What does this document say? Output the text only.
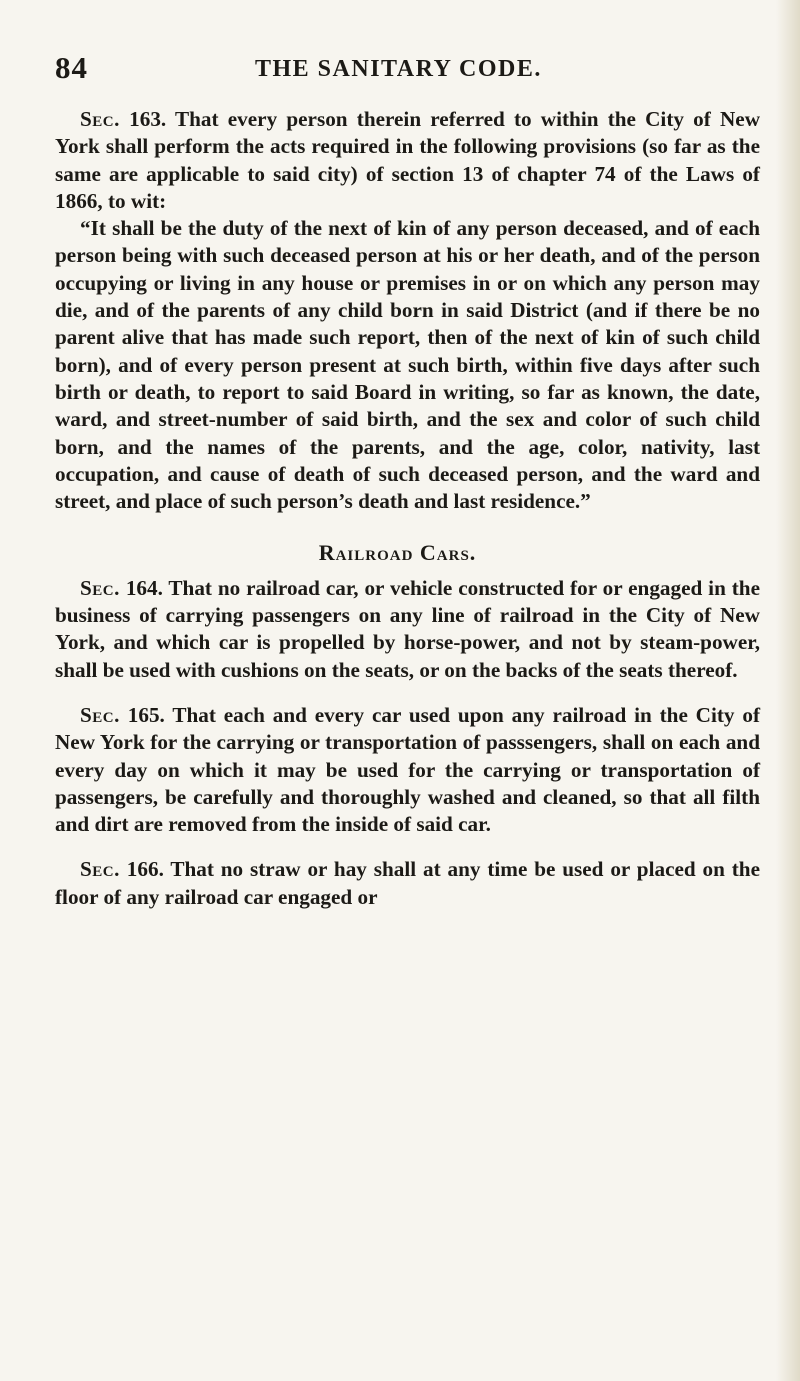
84	THE SANITARY CODE.

Sec. 163. That every person therein referred to within the City of New York shall perform the acts required in the following provisions (so far as the same are applicable to said city) of section 13 of chapter 74 of the Laws of 1866, to wit:

“It shall be the duty of the next of kin of any person deceased, and of each person being with such deceased person at his or her death, and of the person occupying or living in any house or premises in or on which any person may die, and of the parents of any child born in said District (and if there be no parent alive that has made such report, then of the next of kin of such child born), and of every person present at such birth, within five days after such birth or death, to report to said Board in writing, so far as known, the date, ward, and street-number of said birth, and the sex and color of such child born, and the names of the parents, and the age, color, nativity, last occupation, and cause of death of such deceased person, and the ward and street, and place of such person’s death and last residence.”

Railroad Cars.

Sec. 164. That no railroad car, or vehicle constructed for or engaged in the business of carrying passengers on any line of railroad in the City of New York, and which car is propelled by horse-power, and not by steam-power, shall be used with cushions on the seats, or on the backs of the seats thereof.

Sec. 165. That each and every car used upon any railroad in the City of New York for the carrying or transportation of passsengers, shall on each and every day on which it may be used for the carrying or transportation of passengers, be carefully and thoroughly washed and cleaned, so that all filth and dirt are removed from the inside of said car.

Sec. 166. That no straw or hay shall at any time be used or placed on the floor of any railroad car engaged or
